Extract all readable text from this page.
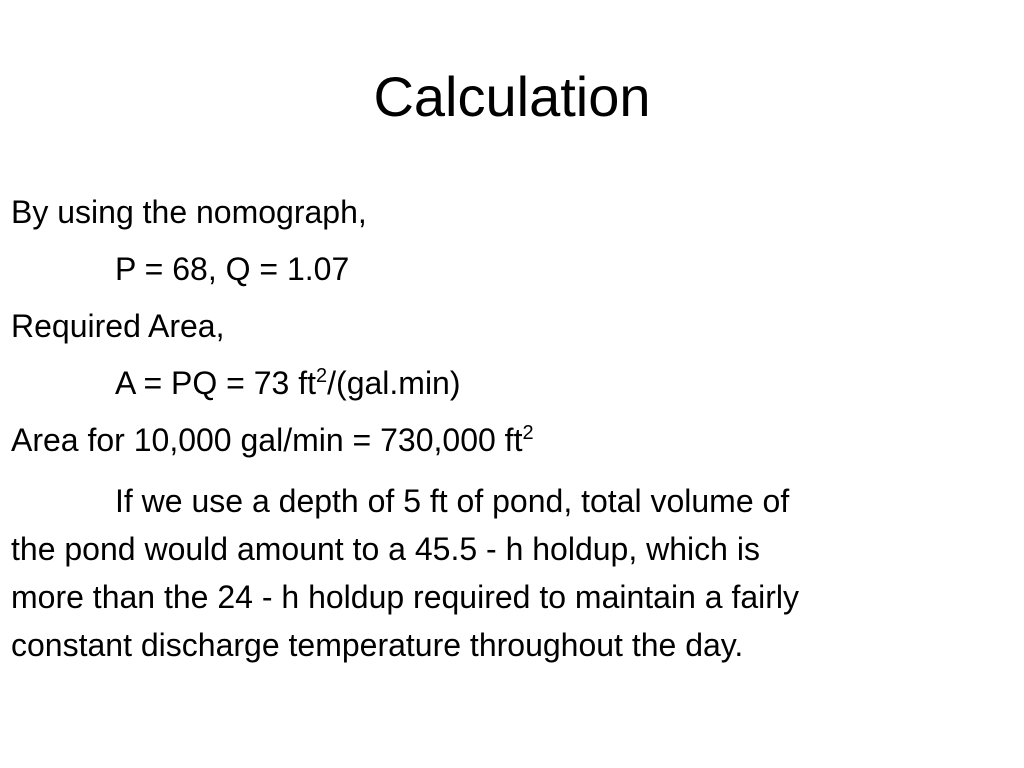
Calculation
By using the nomograph,
P = 68, Q = 1.07
Required Area,
A = PQ = 73 $ft^2/(gal.\min)$
Area for 10,000 gal/min = 730,000 $ft^2$
If we use a depth of 5 ft of pond, total volume of
the pond would amount to a 45.5 - h holdup, which is
more than the 24 - h holdup required to maintain a fairly
constant discharge temperature throughout the day.
